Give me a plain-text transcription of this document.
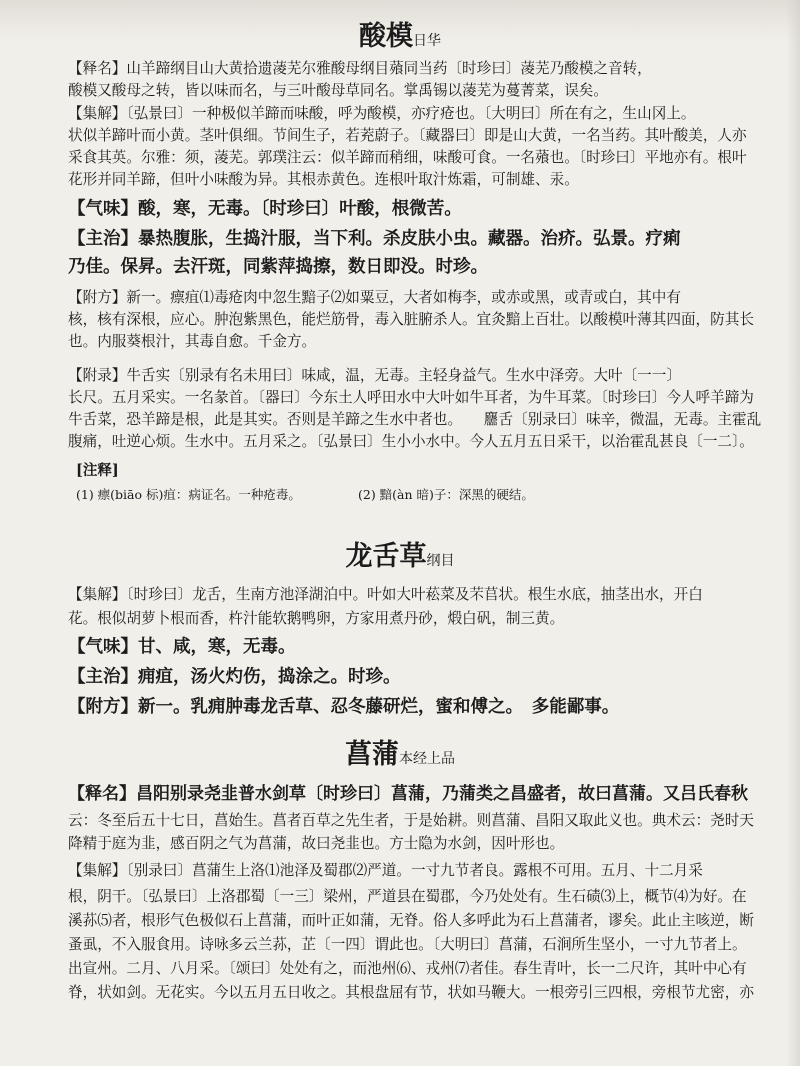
酸模日华
【释名】山羊蹄纲目山大黄拾遗蓤芜尔雅酸母纲目薞同当药〔时珍曰〕蓤芜乃酸模之音转，
酸模又酸母之转，皆以味而名，与三叶酸母草同名。掌禹锡以蓤芜为蔓菁菜，误矣。
【集解】〔弘景曰〕一种极似羊蹄而味酸，呼为酸模，亦疗疮也。〔大明曰〕所在有之，生山冈上。
状似羊蹄叶而小黄。茎叶俱细。节间生子，若茺蔚子。〔藏器曰〕即是山大黄，一名当药。其叶酸美，人亦
采食其英。尔雅：须，蓤芜。郭璞注云：似羊蹄而稍细，味酸可食。一名薞也。〔时珍曰〕平地亦有。根叶
花形并同羊蹄，但叶小味酸为异。其根赤黄色。连根叶取汁炼霜，可制雄、汞。
【气味】酸，寒，无毒。〔时珍曰〕叶酸，根微苦。
【主治】暴热腹胀，生捣汁服，当下利。杀皮肤小虫。藏器。治疥。弘景。疗痢
乃佳。保昇。去汗斑，同紫萍捣擦，数日即没。时珍。
【附方】新一。瘭疽⑴毒疮肉中忽生黯子⑵如粟豆，大者如梅李，或赤或黑，或青或白，其中有
核，核有深根，应心。肿泡紫黑色，能烂筋骨，毒入脏腑杀人。宜灸黯上百壮。以酸模叶薄其四面，防其长
也。内服葵根汁，其毒自愈。千金方。
【附录】牛舌实〔别录有名未用曰〕味咸，温，无毒。主轻身益气。生水中泽旁。大叶〔一一〕
长尺。五月采实。一名彖首。〔器曰〕今东土人呼田水中大叶如牛耳者，为牛耳菜。〔时珍曰〕今人呼羊蹄为
牛舌菜，恐羊蹄是根，此是其实。否则是羊蹄之生水中者也。　　麢舌〔别录曰〕味辛，微温，无毒。主霍乱
腹痛，吐逆心烦。生水中。五月采之。〔弘景曰〕生小小水中。今人五月五日采干，以治霍乱甚良〔一二〕。
[注释]
(1) 瘭(biāo 标)疽：病证名。一种疮毒。	(2) 黯(àn 暗)子：深黑的硬结。
龙舌草纲目
【集解】〔时珍曰〕龙舌，生南方池泽湖泊中。叶如大叶菘菜及芣苢状。根生水底，抽茎出水，开白
花。根似胡萝卜根而香，杵汁能软鹅鸭卵，方家用煮丹砂，煅白矾，制三黄。
【气味】甘、咸，寒，无毒。
【主治】痈疽，汤火灼伤，捣涂之。时珍。
【附方】新一。乳痈肿毒龙舌草、忍冬藤研烂，蜜和傅之。　多能鄙事。
菖蒲本经上品
【释名】昌阳别录尧韭普水剑草〔时珍曰〕菖蒲，乃蒲类之昌盛者，故曰菖蒲。又吕氏春秋
云：冬至后五十七日，菖始生。菖者百草之先生者，于是始耕。则菖蒲、昌阳又取此义也。典术云：尧时天
降精于庭为韭，感百阴之气为菖蒲，故曰尧韭也。方士隐为水剑，因叶形也。
【集解】〔别录曰〕菖蒲生上洛⑴池泽及蜀郡⑵严道。一寸九节者良。露根不可用。五月、十二月采
根，阴干。〔弘景曰〕上洛郡蜀〔一三〕梁州，严道县在蜀郡，今乃处处有。生石碛⑶上，概节⑷为好。在
溪荪⑸者，根形气色极似石上菖蒲，而叶正如蒲，无脊。俗人多呼此为石上菖蒲者，谬矣。此止主咳逆，断
蚤虱，不入服食用。诗咏多云兰荪，芷〔一四〕谓此也。〔大明曰〕菖蒲，石涧所生坚小，一寸九节者上。
出宣州。二月、八月采。〔颂曰〕处处有之，而池州⑹、戎州⑺者佳。春生青叶，长一二尺许，其叶中心有
脊，状如剑。无花实。今以五月五日收之。其根盘屈有节，状如马鞭大。一根旁引三四根，旁根节尤密，亦
